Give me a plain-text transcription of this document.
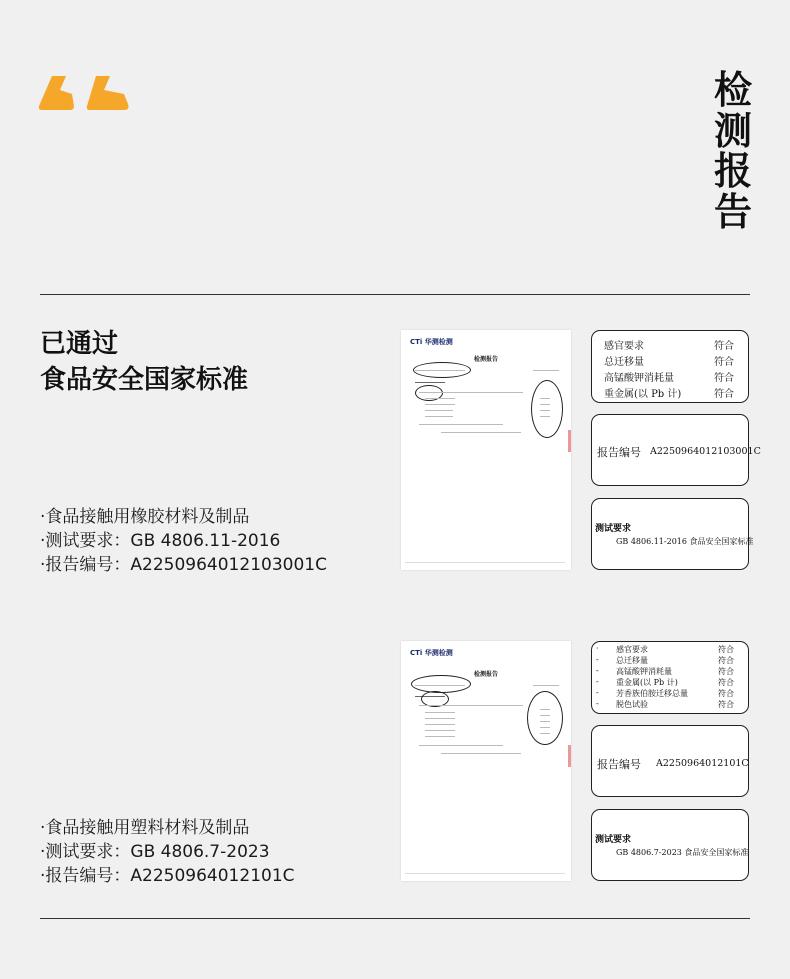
检
测
报
告
已通过
食品安全国家标准
·食品接触用橡胶材料及制品
·测试要求：GB 4806.11-2016
·报告编号：A2250964012103001C
CTi 华测检测
检测报告
感官要求	符合
总迁移量	符合
高锰酸钾消耗量	符合
重金属(以 Pb 计)	符合
报告编号 A2250964012103001C
测试要求
GB 4806.11-2016 食品安全国家标准
·食品接触用塑料材料及制品
·测试要求：GB 4806.7-2023
·报告编号：A2250964012101C
CTi 华测检测
检测报告
· 感官要求	符合
- 总迁移量	符合
- 高锰酸钾消耗量	符合
- 重金属(以 Pb 计)	符合
- 芳香族伯胺迁移总量	符合
- 脱色试验	符合
报告编号 A2250964012101C
测试要求
GB 4806.7-2023 食品安全国家标准
